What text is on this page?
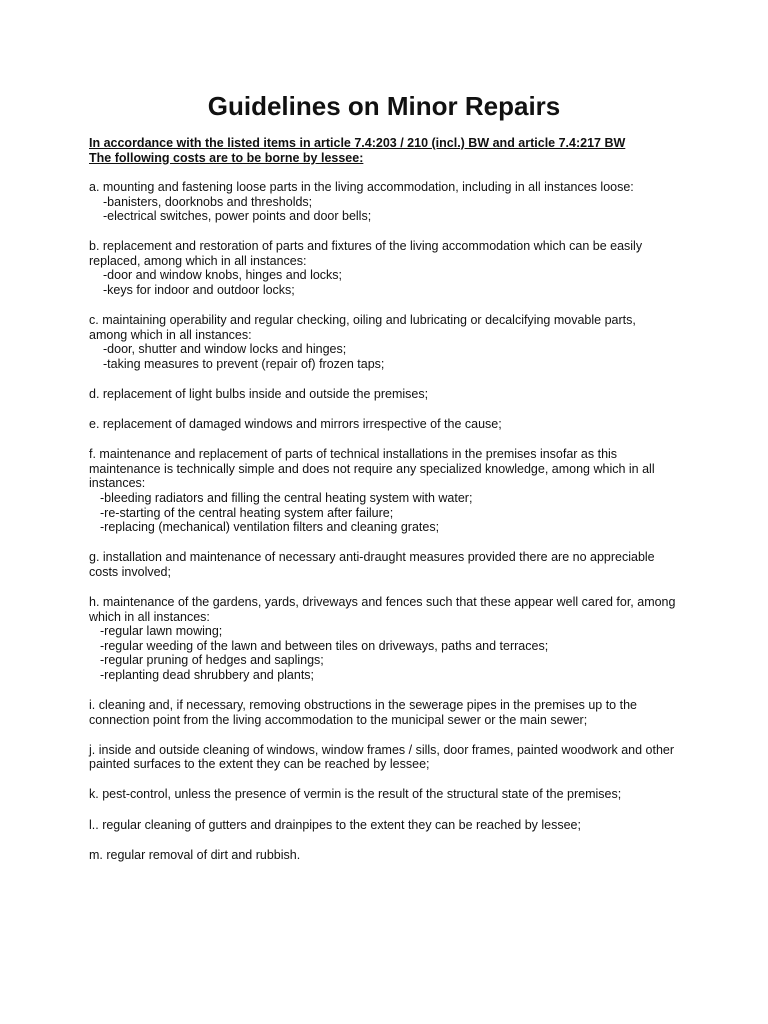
Guidelines on Minor Repairs
In accordance with the listed items in article 7.4:203 / 210 (incl.) BW and article 7.4:217 BW
The following costs are to be borne by lessee:
a. mounting and fastening loose parts in the living accommodation, including in all instances loose:
-banisters, doorknobs and thresholds;
-electrical switches, power points and door bells;
b. replacement and restoration of parts and fixtures of the living accommodation which can be easily
replaced, among which in all instances:
-door and window knobs, hinges and locks;
-keys for indoor and outdoor locks;
c. maintaining operability and regular checking, oiling and lubricating or decalcifying movable parts,
among which in all instances:
-door, shutter and window locks and hinges;
-taking measures to prevent (repair of) frozen taps;
d. replacement of light bulbs inside and outside the premises;
e. replacement of damaged windows and mirrors irrespective of the cause;
f. maintenance and replacement of parts of technical installations in the premises insofar as this
maintenance is technically simple and does not require any specialized knowledge, among which in all
instances:
-bleeding radiators and filling the central heating system with water;
-re-starting of the central heating system after failure;
-replacing (mechanical) ventilation filters and cleaning grates;
g. installation and maintenance of necessary anti-draught measures provided there are no appreciable
costs involved;
h. maintenance of the gardens, yards, driveways and fences such that these appear well cared for, among
which in all instances:
-regular lawn mowing;
-regular weeding of the lawn and between tiles on driveways, paths and terraces;
-regular pruning of hedges and saplings;
-replanting dead shrubbery and plants;
i. cleaning and, if necessary, removing obstructions in the sewerage pipes in the premises up to the
connection point from the living accommodation to the municipal sewer or the main sewer;
j. inside and outside cleaning of windows, window frames / sills, door frames, painted woodwork and other
painted surfaces to the extent they can be reached by lessee;
k. pest-control, unless the presence of vermin is the result of the structural state of the premises;
l.. regular cleaning of gutters and drainpipes to the extent they can be reached by lessee;
m. regular removal of dirt and rubbish.
